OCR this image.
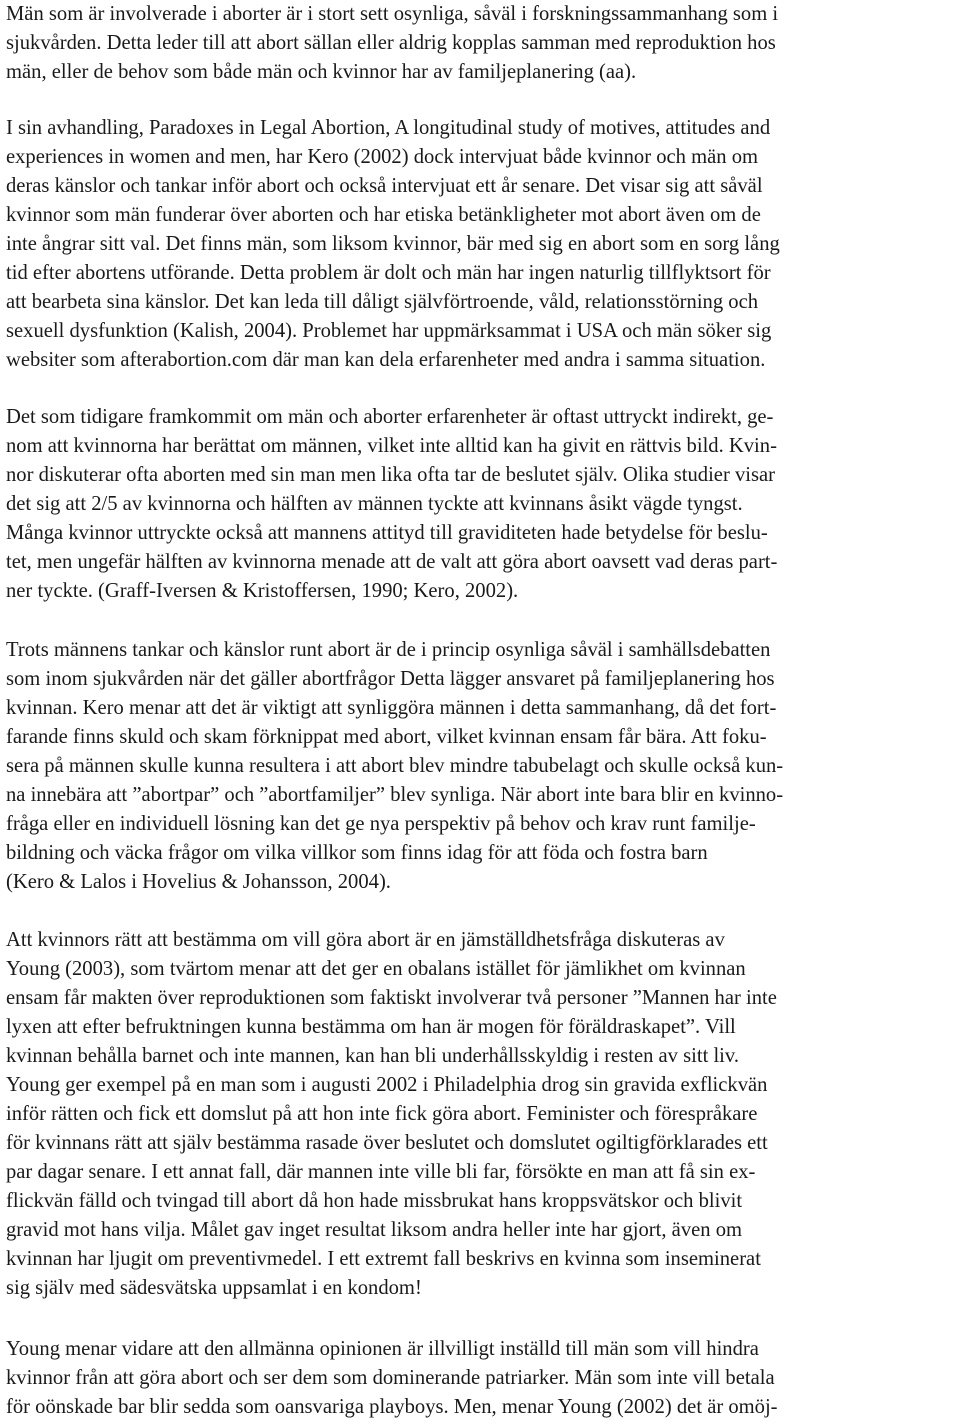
Män som är involverade i aborter är i stort sett osynliga, såväl i forskningssammanhang som i
sjukvården. Detta leder till att abort sällan eller aldrig kopplas samman med reproduktion hos
män, eller de behov som både män och kvinnor har av familjeplanering (aa).
I sin avhandling, Paradoxes in Legal Abortion, A longitudinal study of motives, attitudes and
experiences in women and men, har Kero (2002) dock intervjuat både kvinnor och män om
deras känslor och tankar inför abort och också intervjuat ett år senare. Det visar sig att såväl
kvinnor som män funderar över aborten och har etiska betänkligheter mot abort även om de
inte ångrar sitt val. Det finns män, som liksom kvinnor, bär med sig en abort som en sorg lång
tid efter abortens utförande. Detta problem är dolt och män har ingen naturlig tillflyktsort för
att bearbeta sina känslor. Det kan leda till dåligt självförtroende, våld, relationsstörning och
sexuell dysfunktion (Kalish, 2004). Problemet har uppmärksammat i USA och män söker sig
websiter som afterabortion.com där man kan dela erfarenheter med andra i samma situation.
Det som tidigare framkommit om män och aborter erfarenheter är oftast uttryckt indirekt, ge-
nom att kvinnorna har berättat om männen, vilket inte alltid kan ha givit en rättvis bild. Kvin-
nor diskuterar ofta aborten med sin man men lika ofta tar de beslutet själv. Olika studier visar
det sig att 2/5 av kvinnorna och hälften av männen tyckte att kvinnans åsikt vägde tyngst.
Många kvinnor uttryckte också att mannens attityd till graviditeten hade betydelse för beslu-
tet, men ungefär hälften av kvinnorna menade att de valt att göra abort oavsett vad deras part-
ner tyckte. (Graff-Iversen & Kristoffersen, 1990; Kero, 2002).
Trots männens tankar och känslor runt abort är de i princip osynliga såväl i samhällsdebatten
som inom sjukvården när det gäller abortfrågor Detta lägger ansvaret på familjeplanering hos
kvinnan. Kero menar att det är viktigt att synliggöra männen i detta sammanhang, då det fort-
farande finns skuld och skam förknippat med abort, vilket kvinnan ensam får bära. Att foku-
sera på männen skulle kunna resultera i att abort blev mindre tabubelagt och skulle också kun-
na innebära att ”abortpar” och ”abortfamiljer” blev synliga. När abort inte bara blir en kvinno-
fråga eller en individuell lösning kan det ge nya perspektiv på behov och krav runt familje-
bildning och väcka frågor om vilka villkor som finns idag för att föda och fostra barn
(Kero & Lalos i Hovelius & Johansson, 2004).
Att kvinnors rätt att bestämma om vill göra abort är en jämställdhetsfråga diskuteras av
Young (2003), som tvärtom menar att det ger en obalans istället för jämlikhet om kvinnan
ensam får makten över reproduktionen som faktiskt involverar två personer ”Mannen har inte
lyxen att efter befruktningen kunna bestämma om han är mogen för föräldraskapet”. Vill
kvinnan behålla barnet och inte mannen, kan han bli underhållsskyldig i resten av sitt liv.
Young ger exempel på en man som i augusti 2002 i Philadelphia drog sin gravida exflickvän
inför rätten och fick ett domslut på att hon inte fick göra abort. Feminister och förespråkare
för kvinnans rätt att själv bestämma rasade över beslutet och domslutet ogiltigförklarades ett
par dagar senare. I ett annat fall, där mannen inte ville bli far, försökte en man att få sin ex-
flickvän fälld och tvingad till abort då hon hade missbrukat hans kroppsvätskor och blivit
gravid mot hans vilja. Målet gav inget resultat liksom andra heller inte har gjort, även om
kvinnan har ljugit om preventivmedel. I ett extremt fall beskrivs en kvinna som inseminerat
sig själv med sädesvätska uppsamlat i en kondom!
Young menar vidare att den allmänna opinionen är illvilligt inställd till män som vill hindra
kvinnor från att göra abort och ser dem som dominerande patriarker. Män som inte vill betala
för oönskade bar blir sedda som oansvariga playboys. Men, menar Young (2002) det är omöj-
